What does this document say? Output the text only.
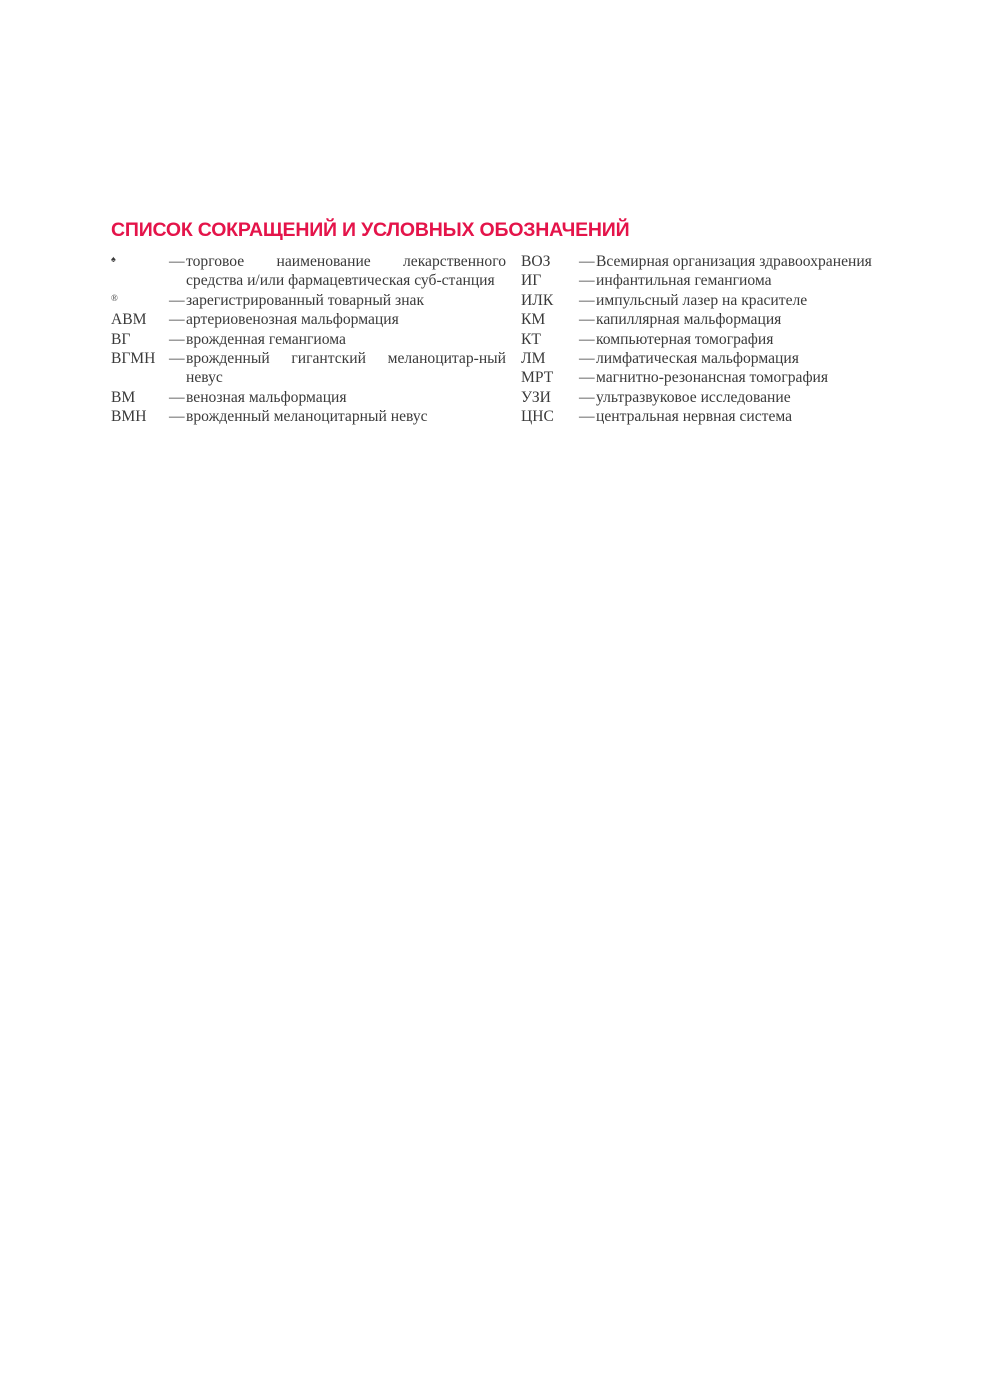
СПИСОК СОКРАЩЕНИЙ И УСЛОВНЫХ ОБОЗНАЧЕНИЙ
♠	— торговое наименование лекарственного средства и/или фармацевтическая суб-станция
®	— зарегистрированный товарный знак
АВМ	— артериовенозная мальформация
ВГ	— врожденная гемангиома
ВГМН — врожденный гигантский меланоцитар-ный невус
ВМ	— венозная мальформация
ВМН	— врожденный меланоцитарный невус
ВОЗ	— Всемирная организация здравоохранения
ИГ	— инфантильная гемангиома
ИЛК	— импульсный лазер на красителе
КМ	— капиллярная мальформация
КТ	— компьютерная томография
ЛМ	— лимфатическая мальформация
МРТ	— магнитно-резонансная томография
УЗИ	— ультразвуковое исследование
ЦНС	— центральная нервная система
